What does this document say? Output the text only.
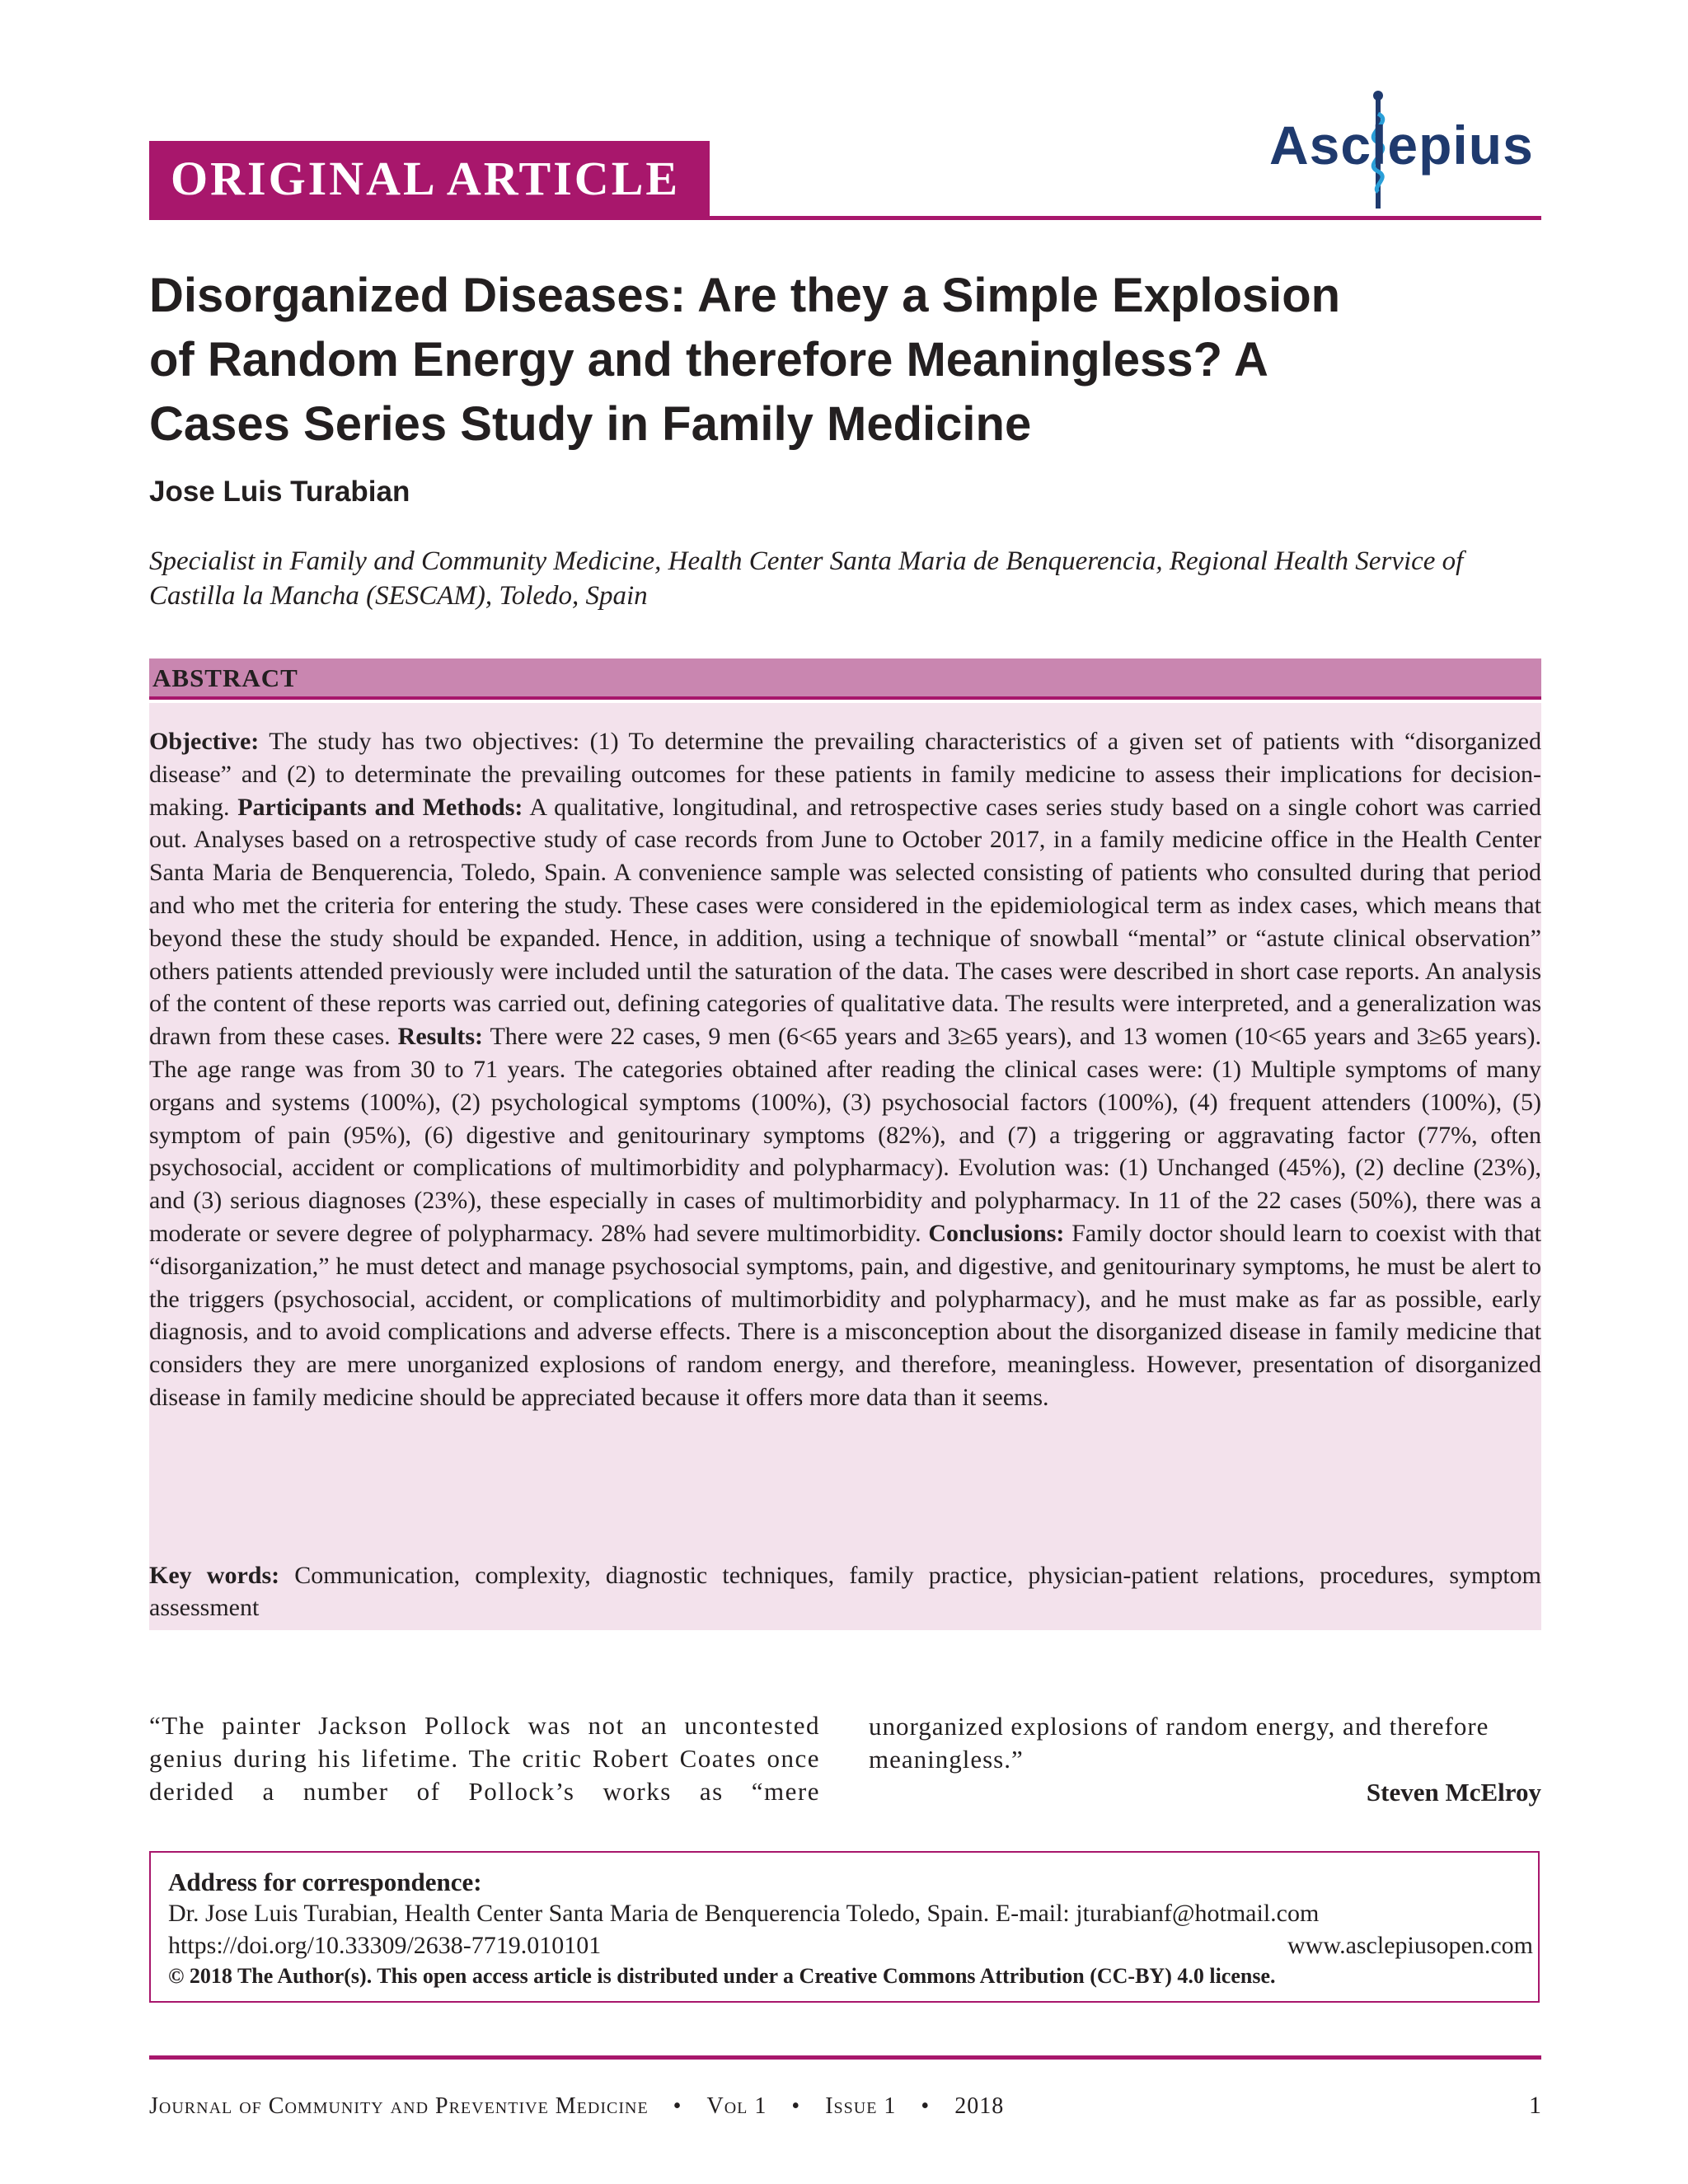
ORIGINAL ARTICLE
Asclepius
Disorganized Diseases: Are they a Simple Explosion
of Random Energy and therefore Meaningless? A
Cases Series Study in Family Medicine
Jose Luis Turabian
Specialist in Family and Community Medicine, Health Center Santa Maria de Benquerencia, Regional Health Service of Castilla la Mancha (SESCAM), Toledo, Spain
ABSTRACT

Objective: The study has two objectives: (1) To determine the prevailing characteristics of a given set of patients with “disorganized disease” and (2) to determinate the prevailing outcomes for these patients in family medicine to assess their implications for decision-making. Participants and Methods: A qualitative, longitudinal, and retrospective cases series study based on a single cohort was carried out. Analyses based on a retrospective study of case records from June to October 2017, in a family medicine office in the Health Center Santa Maria de Benquerencia, Toledo, Spain. A convenience sample was selected consisting of patients who consulted during that period and who met the criteria for entering the study. These cases were considered in the epidemiological term as index cases, which means that beyond these the study should be expanded. Hence, in addition, using a technique of snowball “mental” or “astute clinical observation” others patients attended previously were included until the saturation of the data. The cases were described in short case reports. An analysis of the content of these reports was carried out, defining categories of qualitative data. The results were interpreted, and a generalization was drawn from these cases. Results: There were 22 cases, 9 men (6<65 years and 3≥65 years), and 13 women (10<65 years and 3≥65 years). The age range was from 30 to 71 years. The categories obtained after reading the clinical cases were: (1) Multiple symptoms of many organs and systems (100%), (2) psychological symptoms (100%), (3) psychosocial factors (100%), (4) frequent attenders (100%), (5) symptom of pain (95%), (6) digestive and genitourinary symptoms (82%), and (7) a triggering or aggravating factor (77%, often psychosocial, accident or complications of multimorbidity and polypharmacy). Evolution was: (1) Unchanged (45%), (2) decline (23%), and (3) serious diagnoses (23%), these especially in cases of multimorbidity and polypharmacy. In 11 of the 22 cases (50%), there was a moderate or severe degree of polypharmacy. 28% had severe multimorbidity. Conclusions: Family doctor should learn to coexist with that “disorganization,” he must detect and manage psychosocial symptoms, pain, and digestive, and genitourinary symptoms, he must be alert to the triggers (psychosocial, accident, or complications of multimorbidity and polypharmacy), and he must make as far as possible, early diagnosis, and to avoid complications and adverse effects. There is a misconception about the disorganized disease in family medicine that considers they are mere unorganized explosions of random energy, and therefore, meaningless. However, presentation of disorganized disease in family medicine should be appreciated because it offers more data than it seems.

Key words: Communication, complexity, diagnostic techniques, family practice, physician-patient relations, procedures, symptom assessment

“The painter Jackson Pollock was not an uncontested genius during his lifetime. The critic Robert Coates once derided a number of Pollock’s works as “mere

unorganized explosions of random energy, and therefore meaningless.”

Steven McElroy
Address for correspondence:
Dr. Jose Luis Turabian, Health Center Santa Maria de Benquerencia Toledo, Spain. E-mail: jturabianf@hotmail.com
https://doi.org/10.33309/2638-7719.010101	www.asclepiusopen.com
© 2018 The Author(s). This open access article is distributed under a Creative Commons Attribution (CC-BY) 4.0 license.
Journal of Community and Preventive Medicine • Vol 1 • Issue 1 • 2018	1
